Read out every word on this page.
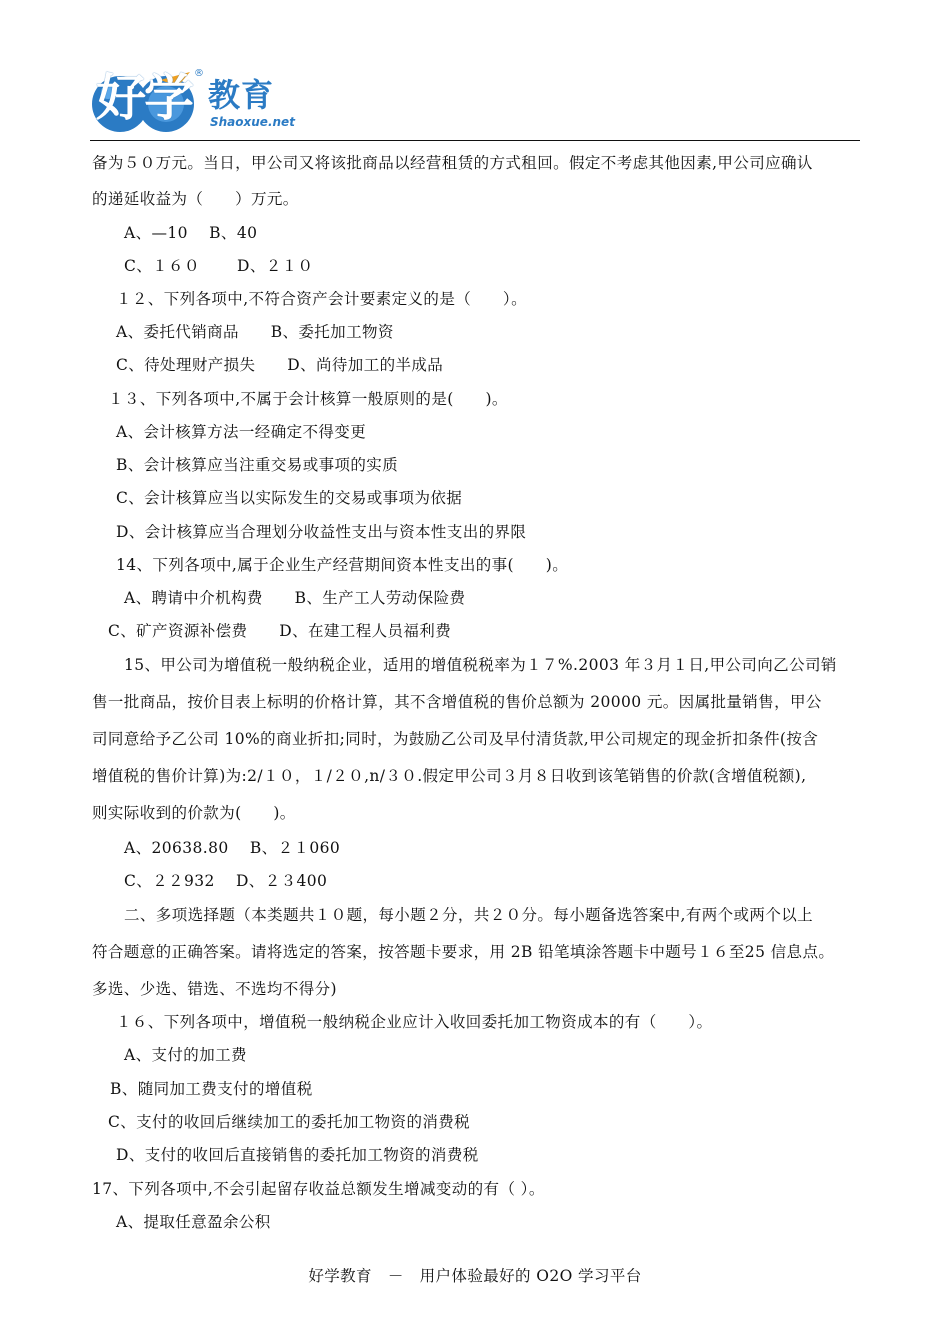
好学 ®
教育
Shaoxue.net
备为５０万元。当日，甲公司又将该批商品以经营租赁的方式租回。假定不考虑其他因素,甲公司应确认
的递延收益为（　　）万元。
A、—10　 B、40
C、１６０　　 D、２１０
１２、下列各项中,不符合资产会计要素定义的是（　　）。
A、委托代销商品　　B、委托加工物资
C、待处理财产损失　　D、尚待加工的半成品
１３、下列各项中,不属于会计核算一般原则的是(　　)。
A、会计核算方法一经确定不得变更
B、会计核算应当注重交易或事项的实质
C、会计核算应当以实际发生的交易或事项为依据
D、会计核算应当合理划分收益性支出与资本性支出的界限
14、下列各项中,属于企业生产经营期间资本性支出的事(　　)。
A、聘请中介机构费　　B、生产工人劳动保险费
C、矿产资源补偿费　　D、在建工程人员福利费
15、甲公司为增值税一般纳税企业，适用的增值税税率为１７%.2003 年３月１日,甲公司向乙公司销
售一批商品，按价目表上标明的价格计算，其不含增值税的售价总额为 20000 元。因属批量销售，甲公
司同意给予乙公司 10%的商业折扣;同时，为鼓励乙公司及早付清货款,甲公司规定的现金折扣条件(按含
增值税的售价计算)为:2/１０，１/２０,n/３０.假定甲公司３月８日收到该笔销售的价款(含增值税额),
则实际收到的价款为(　　)。
A、20638.80　 B、２１060
C、２２932　 D、２３400
二、多项选择题（本类题共１０题，每小题２分，共２０分。每小题备选答案中,有两个或两个以上
符合题意的正确答案。请将选定的答案，按答题卡要求，用 2B 铅笔填涂答题卡中题号１６至25 信息点。
多选、少选、错选、不选均不得分)
１６、下列各项中，增值税一般纳税企业应计入收回委托加工物资成本的有（　　）。
A、支付的加工费
B、随同加工费支付的增值税
C、支付的收回后继续加工的委托加工物资的消费税
D、支付的收回后直接销售的委托加工物资的消费税
17、下列各项中,不会引起留存收益总额发生增减变动的有（ ）。
A、提取任意盈余公积
好学教育　－　用户体验最好的 O2O 学习平台
